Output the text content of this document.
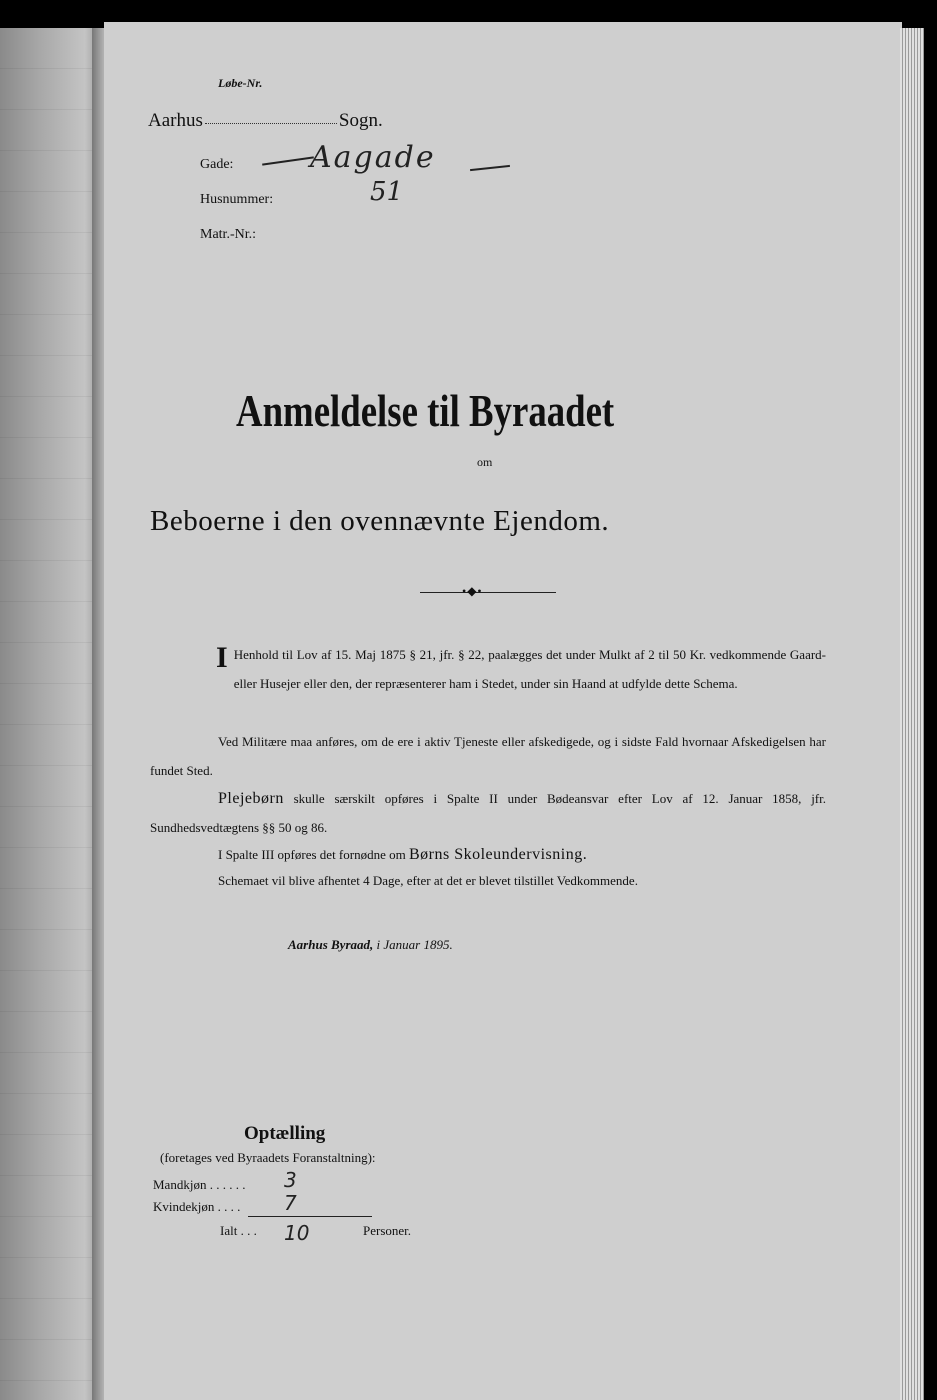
Løbe-Nr.
Aarhus	Sogn.
Gade:	Aagade
Husnummer:	51
Matr.-Nr.:
Anmeldelse til Byraadet
om
Beboerne i den ovennævnte Ejendom.
•◆•
I Henhold til Lov af 15. Maj 1875 § 21, jfr. § 22, paalægges det under Mulkt af 2 til 50 Kr. vedkommende Gaard- eller Husejer eller den, der repræsenterer ham i Stedet, under sin Haand at udfylde dette Schema.
Ved Militære maa anføres, om de ere i aktiv Tjeneste eller afskedigede, og i sidste Fald hvornaar Afskedigelsen har fundet Sted.
Plejebørn skulle særskilt opføres i Spalte II under Bødeansvar efter Lov af 12. Januar 1858, jfr. Sundhedsvedtægtens §§ 50 og 86.
I Spalte III opføres det fornødne om Børns Skoleundervisning.
Schemaet vil blive afhentet 4 Dage, efter at det er blevet tilstillet Vedkommende.
Aarhus Byraad, i Januar 1895.
Optælling
(foretages ved Byraadets Foranstaltning):
Mandkjøn . . . . . . 3
Kvindekjøn . . . . 7
Ialt . . . 10	Personer.
